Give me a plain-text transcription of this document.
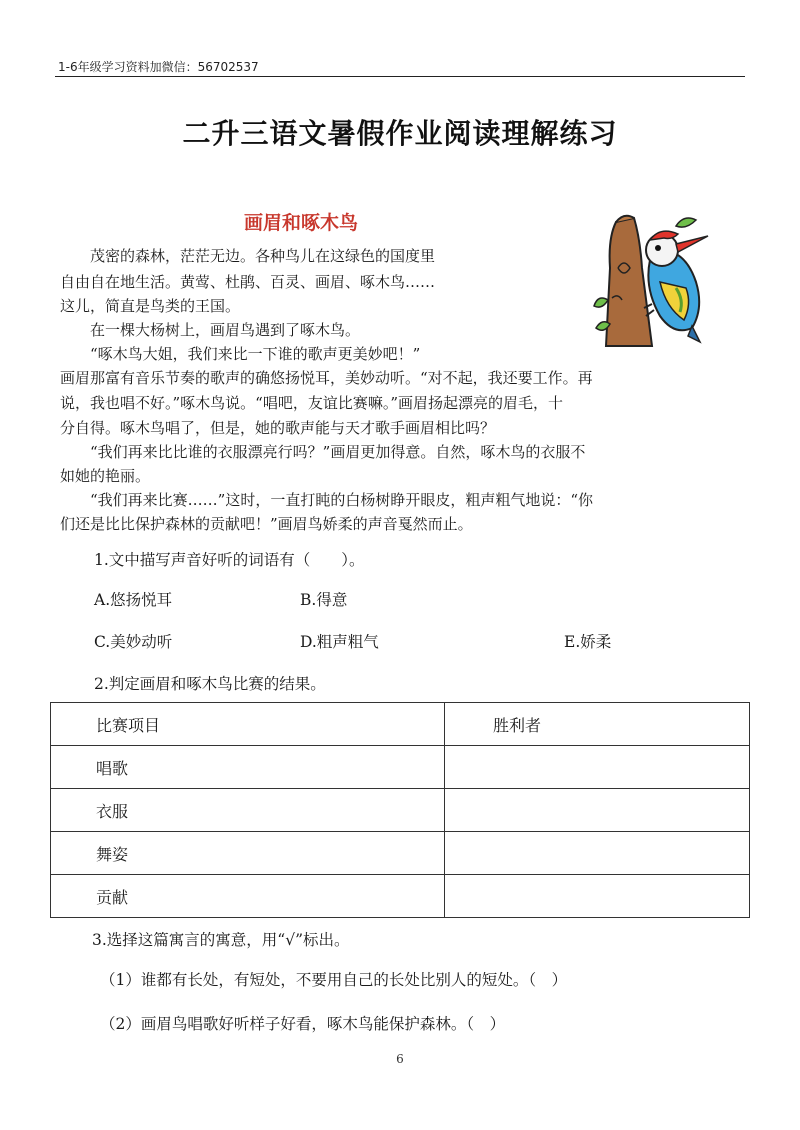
1-6年级学习资料加微信：56702537
二升三语文暑假作业阅读理解练习
画眉和啄木鸟
　　茂密的森林，茫茫无边。各种鸟儿在这绿色的国度里
自由自在地生活。黄莺、杜鹃、百灵、画眉、啄木鸟……
这儿，简直是鸟类的王国。
　　在一棵大杨树上，画眉鸟遇到了啄木鸟。
　　“啄木鸟大姐，我们来比一下谁的歌声更美妙吧！”
画眉那富有音乐节奏的歌声的确悠扬悦耳，美妙动听。“对不起，我还要工作。再
说，我也唱不好。”啄木鸟说。“唱吧，友谊比赛嘛。”画眉扬起漂亮的眉毛，十
分自得。啄木鸟唱了，但是，她的歌声能与天才歌手画眉相比吗？
　　“我们再来比比谁的衣服漂亮行吗？”画眉更加得意。自然，啄木鸟的衣服不
如她的艳丽。
　　“我们再来比赛……”这时，一直打盹的白杨树睁开眼皮，粗声粗气地说：“你
们还是比比保护森林的贡献吧！”画眉鸟娇柔的声音戛然而止。
1.文中描写声音好听的词语有（　　）。
A.悠扬悦耳	B.得意
C.美妙动听	D.粗声粗气	E.娇柔
2.判定画眉和啄木鸟比赛的结果。
比赛项目	胜利者
唱歌	
衣服	
舞姿	
贡献	
3.选择这篇寓言的寓意，用“√”标出。
（1）谁都有长处，有短处，不要用自己的长处比别人的短处。（　）
（2）画眉鸟唱歌好听样子好看，啄木鸟能保护森林。（　）
6
